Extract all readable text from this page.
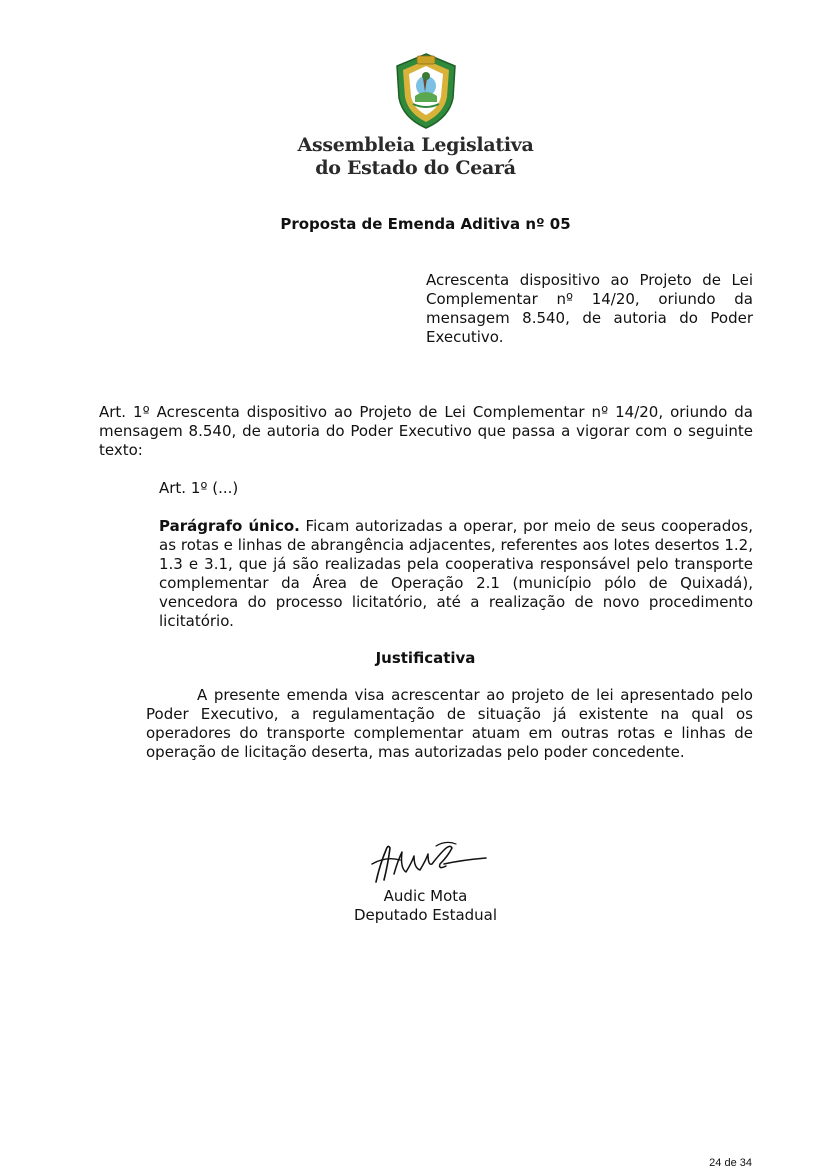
Assembleia Legislativa
do Estado do Ceará
Proposta de Emenda Aditiva nº 05
Acrescenta dispositivo ao Projeto de Lei Complementar nº 14/20, oriundo da mensagem 8.540, de autoria do Poder Executivo.
Art. 1º Acrescenta dispositivo ao Projeto de Lei Complementar nº 14/20, oriundo da mensagem 8.540, de autoria do Poder Executivo que passa a vigorar com o seguinte texto:
Art. 1º (...)
Parágrafo único. Ficam autorizadas a operar, por meio de seus cooperados, as rotas e linhas de abrangência adjacentes, referentes aos lotes desertos 1.2, 1.3 e 3.1, que já são realizadas pela cooperativa responsável pelo transporte complementar da Área de Operação 2.1 (município pólo de Quixadá), vencedora do processo licitatório, até a realização de novo procedimento licitatório.
Justificativa
A presente emenda visa acrescentar ao projeto de lei apresentado pelo Poder Executivo, a regulamentação de situação já existente na qual os operadores do transporte complementar atuam em outras rotas e linhas de operação de licitação deserta, mas autorizadas pelo poder concedente.
Audic Mota
Deputado Estadual
24 de 34
